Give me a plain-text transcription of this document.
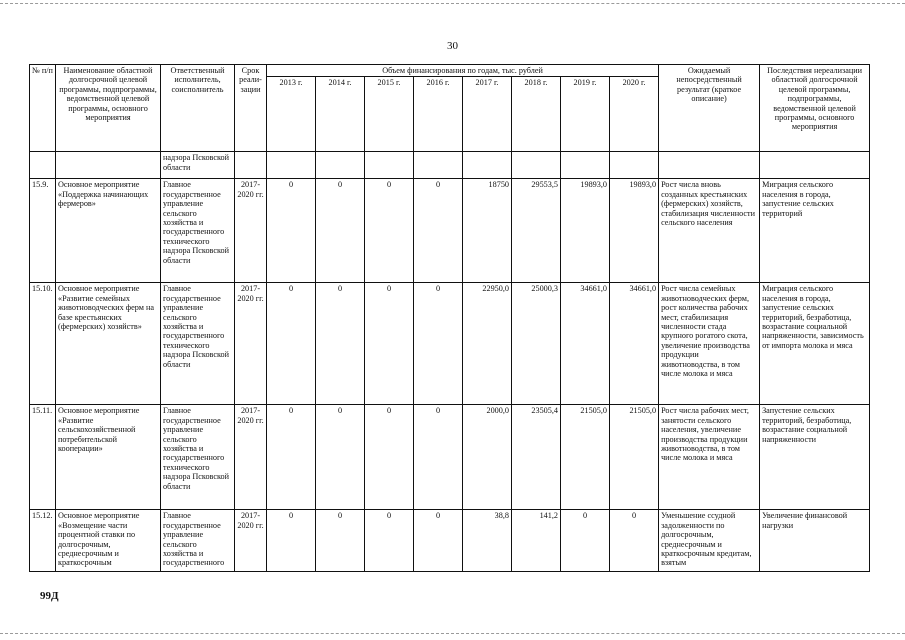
30
№ п/п	Наименование областной долгосрочной целевой программы, подпрограммы, ведомственной целевой программы, основного мероприятия	Ответственный исполнитель, соисполнитель	Срок реали-зации	Объем финансирования по годам, тыс. рублей								Ожидаемый непосредственный результат (краткое описание)	Последствия нереализации областной долгосрочной целевой программы, подпрограммы, ведомственной целевой программы, основного мероприятия
				2013 г.	2014 г.	2015 г.	2016 г.	2017 г.	2018 г.	2019 г.	2020 г.		
		надзора Псковской области											
15.9.	Основное мероприятие «Поддержка начинающих фермеров»	Главное государственное управление сельского хозяйства и государственного технического надзора Псковской области	2017-2020 гг.	0	0	0	0	18750	29553,5	19893,0	19893,0	Рост числа вновь созданных крестьянских (фермерских) хозяйств, стабилизация численности сельского населения	Миграция сельского населения в города, запустение сельских территорий
15.10.	Основное мероприятие «Развитие семейных животноводческих ферм на базе крестьянских (фермерских) хозяйств»	Главное государственное управление сельского хозяйства и государственного технического надзора Псковской области	2017-2020 гг.	0	0	0	0	22950,0	25000,3	34661,0	34661,0	Рост числа семейных животноводческих ферм, рост количества рабочих мест, стабилизация численности стада крупного рогатого скота, увеличение производства продукции животноводства, в том числе молока и мяса	Миграция сельского населения в города, запустение сельских территорий, безработица, возрастание социальной напряженности, зависимость от импорта молока и мяса
15.11.	Основное мероприятие «Развитие сельскохозяйственной потребительской кооперации»	Главное государственное управление сельского хозяйства и государственного технического надзора Псковской области	2017-2020 гг.	0	0	0	0	2000,0	23505,4	21505,0	21505,0	Рост числа рабочих мест, занятости сельского населения, увеличение производства продукции животноводства, в том числе молока и мяса	Запустение сельских территорий, безработица, возрастание социальной напряженности
15.12.	Основное мероприятие «Возмещение части процентной ставки по долгосрочным, среднесрочным и краткосрочным	Главное государственное управление сельского хозяйства и государственного	2017-2020 гг.	0	0	0	0	38,8	141,2	0	0	Уменьшение ссудной задолженности по долгосрочным, среднесрочным и краткосрочным кредитам, взятым	Увеличение финансовой нагрузки
99Д
